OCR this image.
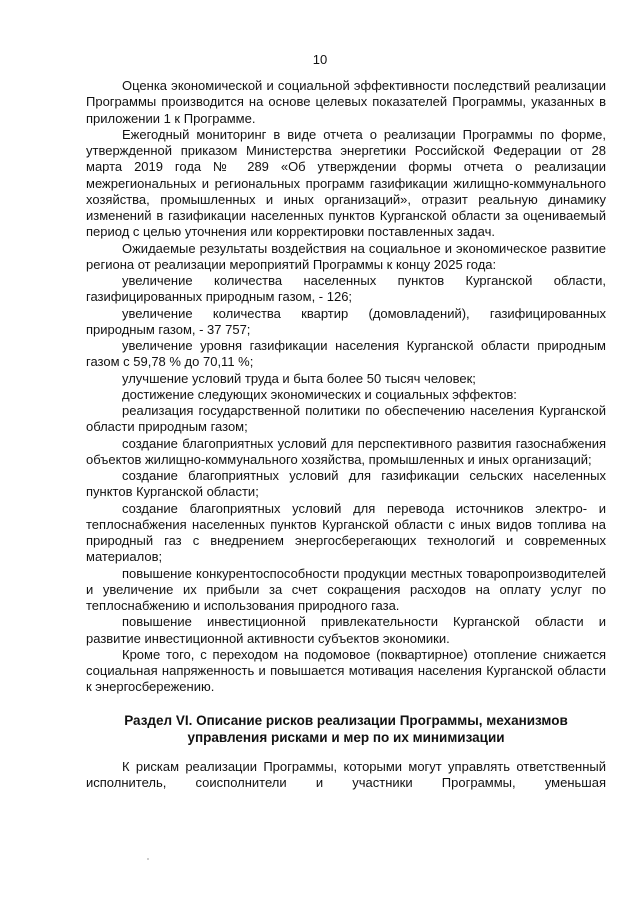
10

Оценка экономической и социальной эффективности последствий реализации Программы производится на основе целевых показателей Программы, указанных в приложении 1 к Программе.

Ежегодный мониторинг в виде отчета о реализации Программы по форме, утвержденной приказом Министерства энергетики Российской Федерации от 28 марта 2019 года № 289 «Об утверждении формы отчета о реализации межрегиональных и региональных программ газификации жилищно-коммунального хозяйства, промышленных и иных организаций», отразит реальную динамику изменений в газификации населенных пунктов Курганской области за оцениваемый период с целью уточнения или корректировки поставленных задач.

Ожидаемые результаты воздействия на социальное и экономическое развитие региона от реализации мероприятий Программы к концу 2025 года:

увеличение количества населенных пунктов Курганской области, газифицированных природным газом, - 126;

увеличение количества квартир (домовладений), газифицированных природным газом, - 37 757;

увеличение уровня газификации населения Курганской области природным газом с 59,78 % до 70,11 %;

улучшение условий труда и быта более 50 тысяч человек;

достижение следующих экономических и социальных эффектов:

реализация государственной политики по обеспечению населения Курганской области природным газом;

создание благоприятных условий для перспективного развития газоснабжения объектов жилищно-коммунального хозяйства, промышленных и иных организаций;

создание благоприятных условий для газификации сельских населенных пунктов Курганской области;

создание благоприятных условий для перевода источников электро- и теплоснабжения населенных пунктов Курганской области с иных видов топлива на природный газ с внедрением энергосберегающих технологий и современных материалов;

повышение конкурентоспособности продукции местных товаропроизводителей и увеличение их прибыли за счет сокращения расходов на оплату услуг по теплоснабжению и использования природного газа.

повышение инвестиционной привлекательности Курганской области и развитие инвестиционной активности субъектов экономики.

Кроме того, с переходом на подомовое (поквартирное) отопление снижается социальная напряженность и повышается мотивация населения Курганской области к энергосбережению.

Раздел VI. Описание рисков реализации Программы, механизмов
управления рисками и мер по их минимизации

К рискам реализации Программы, которыми могут управлять ответственный исполнитель, соисполнители и участники Программы, уменьшая
